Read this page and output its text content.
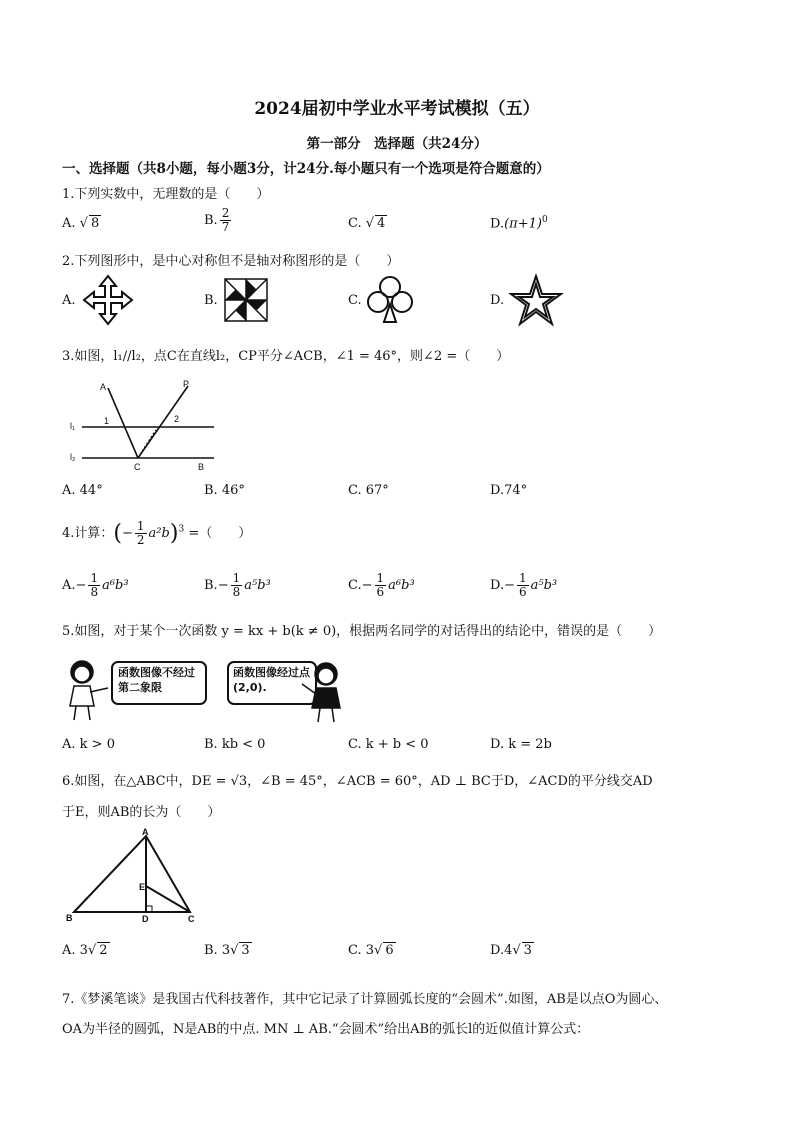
2024届初中学业水平考试模拟（五）
第一部分　选择题（共24分）
一、选择题（共8小题，每小题3分，计24分.每小题只有一个选项是符合题意的）
1.下列实数中，无理数的是（　　）
A. √ 8	B. $\frac{2}{7}$	C. √ 4	$D.(\pi+1)^0$
2.下列图形中，是中心对称但不是轴对称图形的是（　　）
A.	B.	C.	D.
3.如图，l₁//l₂，点C在直线l₂，CP平分∠ACB，∠1 = 46°，则∠2 =（　　）
A	P
1	2
l₁
l₂
C	B
A. 44°	B. 46°	C. 67°	D.74°
4.计算：(− $\frac{1}{2} a^2b)^3$ =（　　）
$A.- \frac{1}{8} a^6b^3$	$B.- \frac{1}{8} a^5b^3$	$C.- \frac{1}{6} a^6b^3$	$D.- \frac{1}{6} a^5b^3$
5.如图，对于某个一次函数 y = kx + b(k ≠ 0)，根据两名同学的对话得出的结论中，错误的是（　　）
函数图像不经过第二象限
函数图像经过点(2,0).
A. k > 0	B. kb < 0	C. k + b < 0	D. k = 2b
6.如图，在△ABC中，DE = √3，∠B = 45°，∠ACB = 60°，AD ⊥ BC于D，∠ACD的平分线交AD
于E，则AB的长为（　　）
A
E
B	D	C
A. 3√ 2	B. 3√ 3	C. 3√ 6	D.4√ 3
7.《梦溪笔谈》是我国古代科技著作，其中它记录了计算圆弧长度的“会圆术”.如图，AB是以点O为圆心、
OA为半径的圆弧，N是AB的中点. MN ⊥ AB.“会圆术”给出AB的弧长l的近似值计算公式：
